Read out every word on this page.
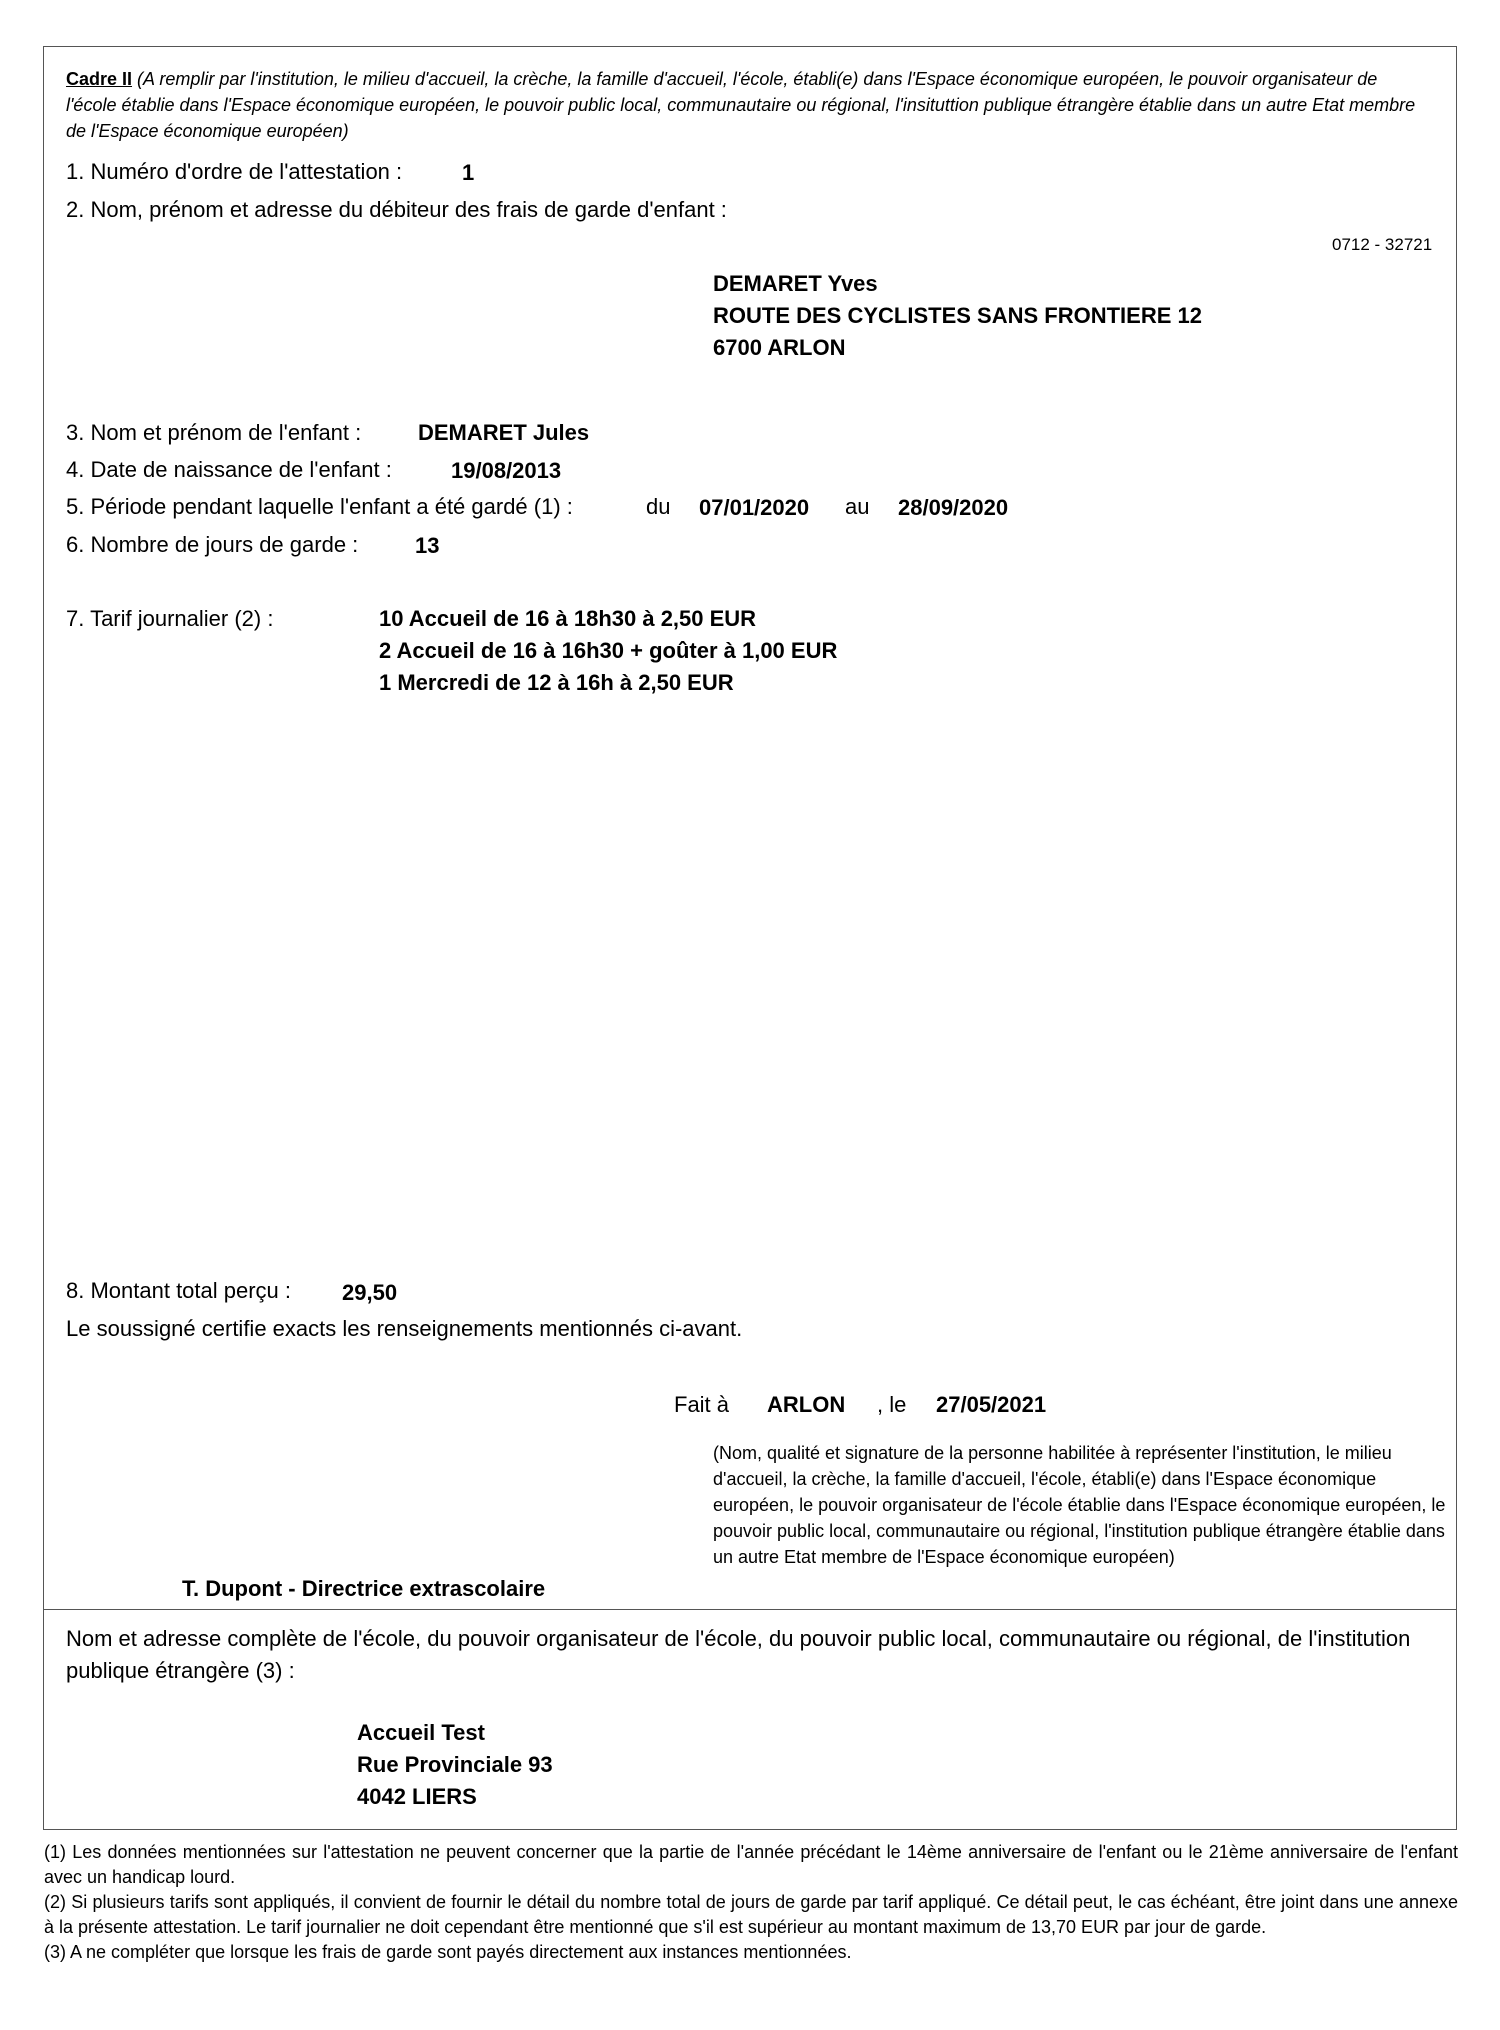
Cadre II (A remplir par l'institution, le milieu d'accueil, la crèche, la famille d'accueil, l'école, établi(e) dans l'Espace économique européen, le pouvoir organisateur de l'école établie dans l'Espace économique européen, le pouvoir public local, communautaire ou régional, l'insituttion publique étrangère établie dans un autre Etat membre de l'Espace économique européen)
1. Numéro d'ordre de l'attestation :	1
2. Nom, prénom et adresse du débiteur des frais de garde d'enfant :
0712 - 32721
DEMARET Yves
ROUTE DES CYCLISTES SANS FRONTIERE 12
6700 ARLON
3. Nom et prénom de l'enfant :	DEMARET Jules
4. Date de naissance de l'enfant :	19/08/2013
5. Période pendant laquelle l'enfant a été gardé (1) :	du 07/01/2020 au 28/09/2020
6. Nombre de jours de garde :	13
7. Tarif journalier (2) :	10 Accueil de 16 à 18h30 à 2,50 EUR
2 Accueil de 16 à 16h30 + goûter à 1,00 EUR
1 Mercredi de 12 à 16h à 2,50 EUR
8. Montant total perçu : 29,50
Le soussigné certifie exacts les renseignements mentionnés ci-avant.
Fait à ARLON , le 27/05/2021
(Nom, qualité et signature de la personne habilitée à représenter l'institution, le milieu d'accueil, la crèche, la famille d'accueil, l'école, établi(e) dans l'Espace économique européen, le pouvoir organisateur de l'école établie dans l'Espace économique européen, le pouvoir public local, communautaire ou régional, l'institution publique étrangère établie dans un autre Etat membre de l'Espace économique européen)
T. Dupont - Directrice extrascolaire
Nom et adresse complète de l'école, du pouvoir organisateur de l'école, du pouvoir public local, communautaire ou régional, de l'institution publique étrangère (3) :
Accueil Test
Rue Provinciale 93
4042 LIERS

(1) Les données mentionnées sur l'attestation ne peuvent concerner que la partie de l'année précédant le 14ème anniversaire de l'enfant ou le 21ème anniversaire de l'enfant avec un handicap lourd.

(2) Si plusieurs tarifs sont appliqués, il convient de fournir le détail du nombre total de jours de garde par tarif appliqué. Ce détail peut, le cas échéant, être joint dans une annexe à la présente attestation. Le tarif journalier ne doit cependant être mentionné que s'il est supérieur au montant maximum de 13,70 EUR par jour de garde.

(3) A ne compléter que lorsque les frais de garde sont payés directement aux instances mentionnées.
